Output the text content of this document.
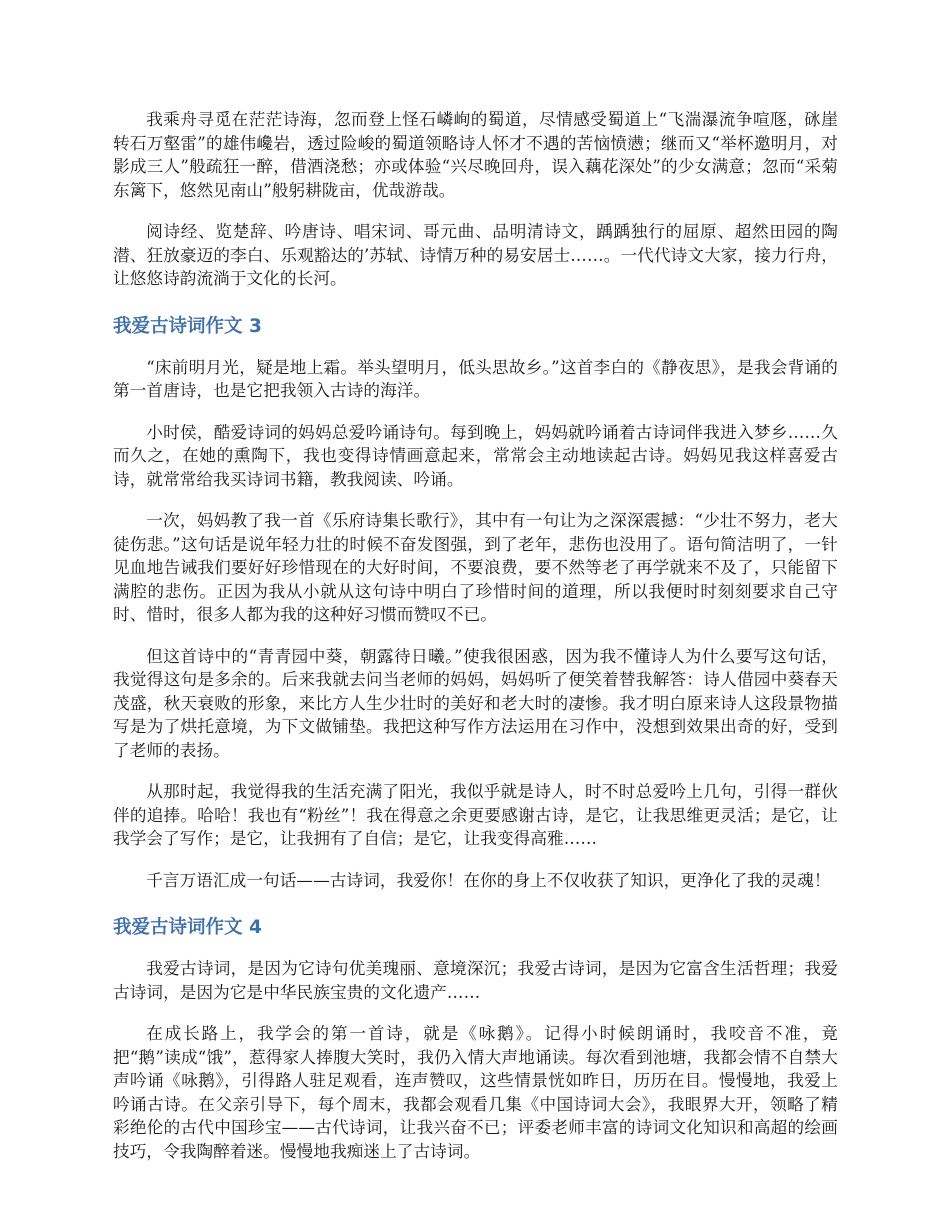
我乘舟寻觅在茫茫诗海，忽而登上怪石嶙峋的蜀道，尽情感受蜀道上“飞湍瀑流争喧豗，砯崖转石万壑雷”的雄伟巉岩，透过险峻的蜀道领略诗人怀才不遇的苦恼愤懑；继而又“举杯邀明月，对影成三人”般疏狂一醉，借酒浇愁；亦或体验“兴尽晚回舟，误入藕花深处”的少女满意；忽而“采菊东篱下，悠然见南山”般躬耕陇亩，优哉游哉。

阅诗经、览楚辞、吟唐诗、唱宋词、哥元曲、品明清诗文，踽踽独行的屈原、超然田园的陶潜、狂放豪迈的李白、乐观豁达的’苏轼、诗情万种的易安居士……。一代代诗文大家，接力行舟，让悠悠诗韵流淌于文化的长河。

我爱古诗词作文 3

“床前明月光，疑是地上霜。举头望明月，低头思故乡。”这首李白的《静夜思》，是我会背诵的第一首唐诗，也是它把我领入古诗的海洋。

小时侯，酷爱诗词的妈妈总爱吟诵诗句。每到晚上，妈妈就吟诵着古诗词伴我进入梦乡……久而久之，在她的熏陶下，我也变得诗情画意起来，常常会主动地读起古诗。妈妈见我这样喜爱古诗，就常常给我买诗词书籍，教我阅读、吟诵。

一次，妈妈教了我一首《乐府诗集长歌行》，其中有一句让为之深深震撼：“少壮不努力，老大徒伤悲。”这句话是说年轻力壮的时候不奋发图强，到了老年，悲伤也没用了。语句简洁明了，一针见血地告诫我们要好好珍惜现在的大好时间，不要浪费，要不然等老了再学就来不及了，只能留下满腔的悲伤。正因为我从小就从这句诗中明白了珍惜时间的道理，所以我便时时刻刻要求自己守时、惜时，很多人都为我的这种好习惯而赞叹不已。

但这首诗中的“青青园中葵，朝露待日曦。”使我很困惑，因为我不懂诗人为什么要写这句话，我觉得这句是多余的。后来我就去问当老师的妈妈，妈妈听了便笑着替我解答：诗人借园中葵春天茂盛，秋天衰败的形象，来比方人生少壮时的美好和老大时的凄惨。我才明白原来诗人这段景物描写是为了烘托意境，为下文做铺垫。我把这种写作方法运用在习作中，没想到效果出奇的好，受到了老师的表扬。

从那时起，我觉得我的生活充满了阳光，我似乎就是诗人，时不时总爱吟上几句，引得一群伙伴的追捧。哈哈！我也有“粉丝”！我在得意之余更要感谢古诗，是它，让我思维更灵活；是它，让我学会了写作；是它，让我拥有了自信；是它，让我变得高雅……

千言万语汇成一句话——古诗词，我爱你！在你的身上不仅收获了知识，更净化了我的灵魂！

我爱古诗词作文 4

我爱古诗词，是因为它诗句优美瑰丽、意境深沉；我爱古诗词，是因为它富含生活哲理；我爱古诗词，是因为它是中华民族宝贵的文化遗产……

在成长路上，我学会的第一首诗，就是《咏鹅》。记得小时候朗诵时，我咬音不准，竟把“鹅”读成“饿”，惹得家人捧腹大笑时，我仍入情大声地诵读。每次看到池塘，我都会情不自禁大声吟诵《咏鹅》，引得路人驻足观看，连声赞叹，这些情景恍如昨日，历历在目。慢慢地，我爱上吟诵古诗。在父亲引导下，每个周末，我都会观看几集《中国诗词大会》，我眼界大开，领略了精彩绝伦的古代中国珍宝——古代诗词，让我兴奋不已；评委老师丰富的诗词文化知识和高超的绘画技巧，令我陶醉着迷。慢慢地我痴迷上了古诗词。
